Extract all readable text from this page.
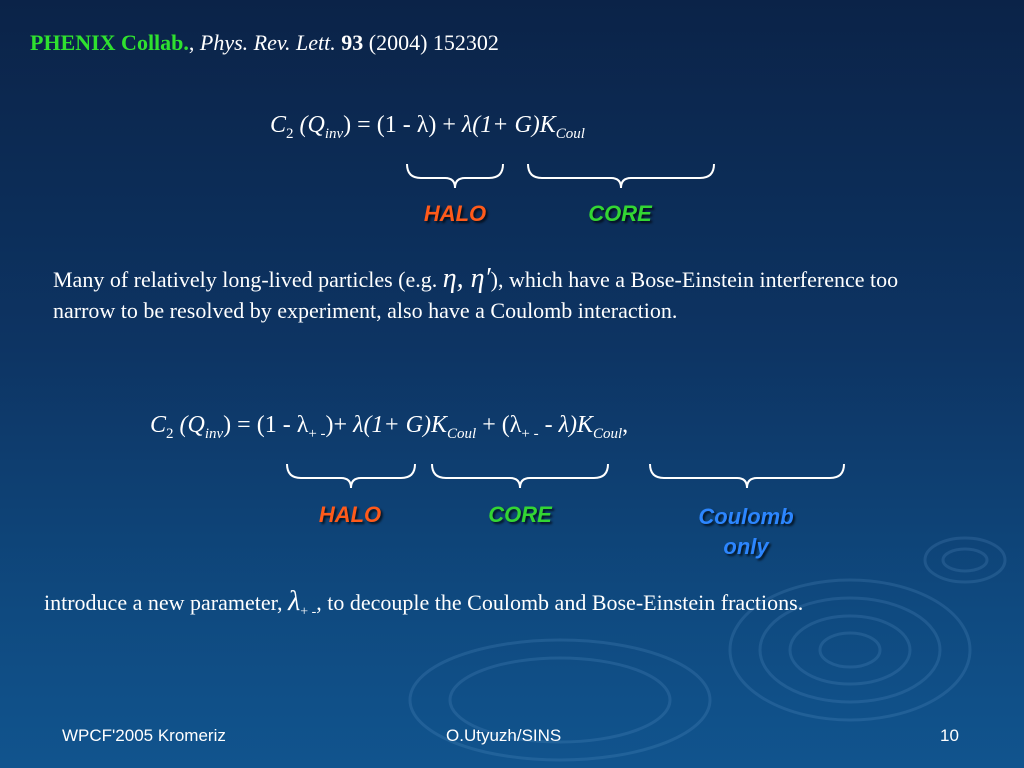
PHENIX Collab., Phys. Rev. Lett. 93 (2004) 152302
$C_2$ $(Q_{inv}) = (1 - \lambda) + \lambda(1+ G)K_{Coul}$
HALO	CORE
Many of relatively long-lived particles (e.g. η, η′), which have a Bose-Einstein interference too narrow to be resolved by experiment, also have a Coulomb interaction.
$C_2$ $(Q_{inv}) = (1 - \lambda_{+ -})+ \lambda(1+ G)K_{Coul} + (\lambda_{+ -} - \lambda)K_{Coul}$,
HALO	CORE	Coulomb
only
introduce a new parameter, $\lambda_{+ -}$, to decouple the Coulomb and Bose-Einstein fractions.
WPCF'2005 Kromeriz	O.Utyuzh/SINS	10
